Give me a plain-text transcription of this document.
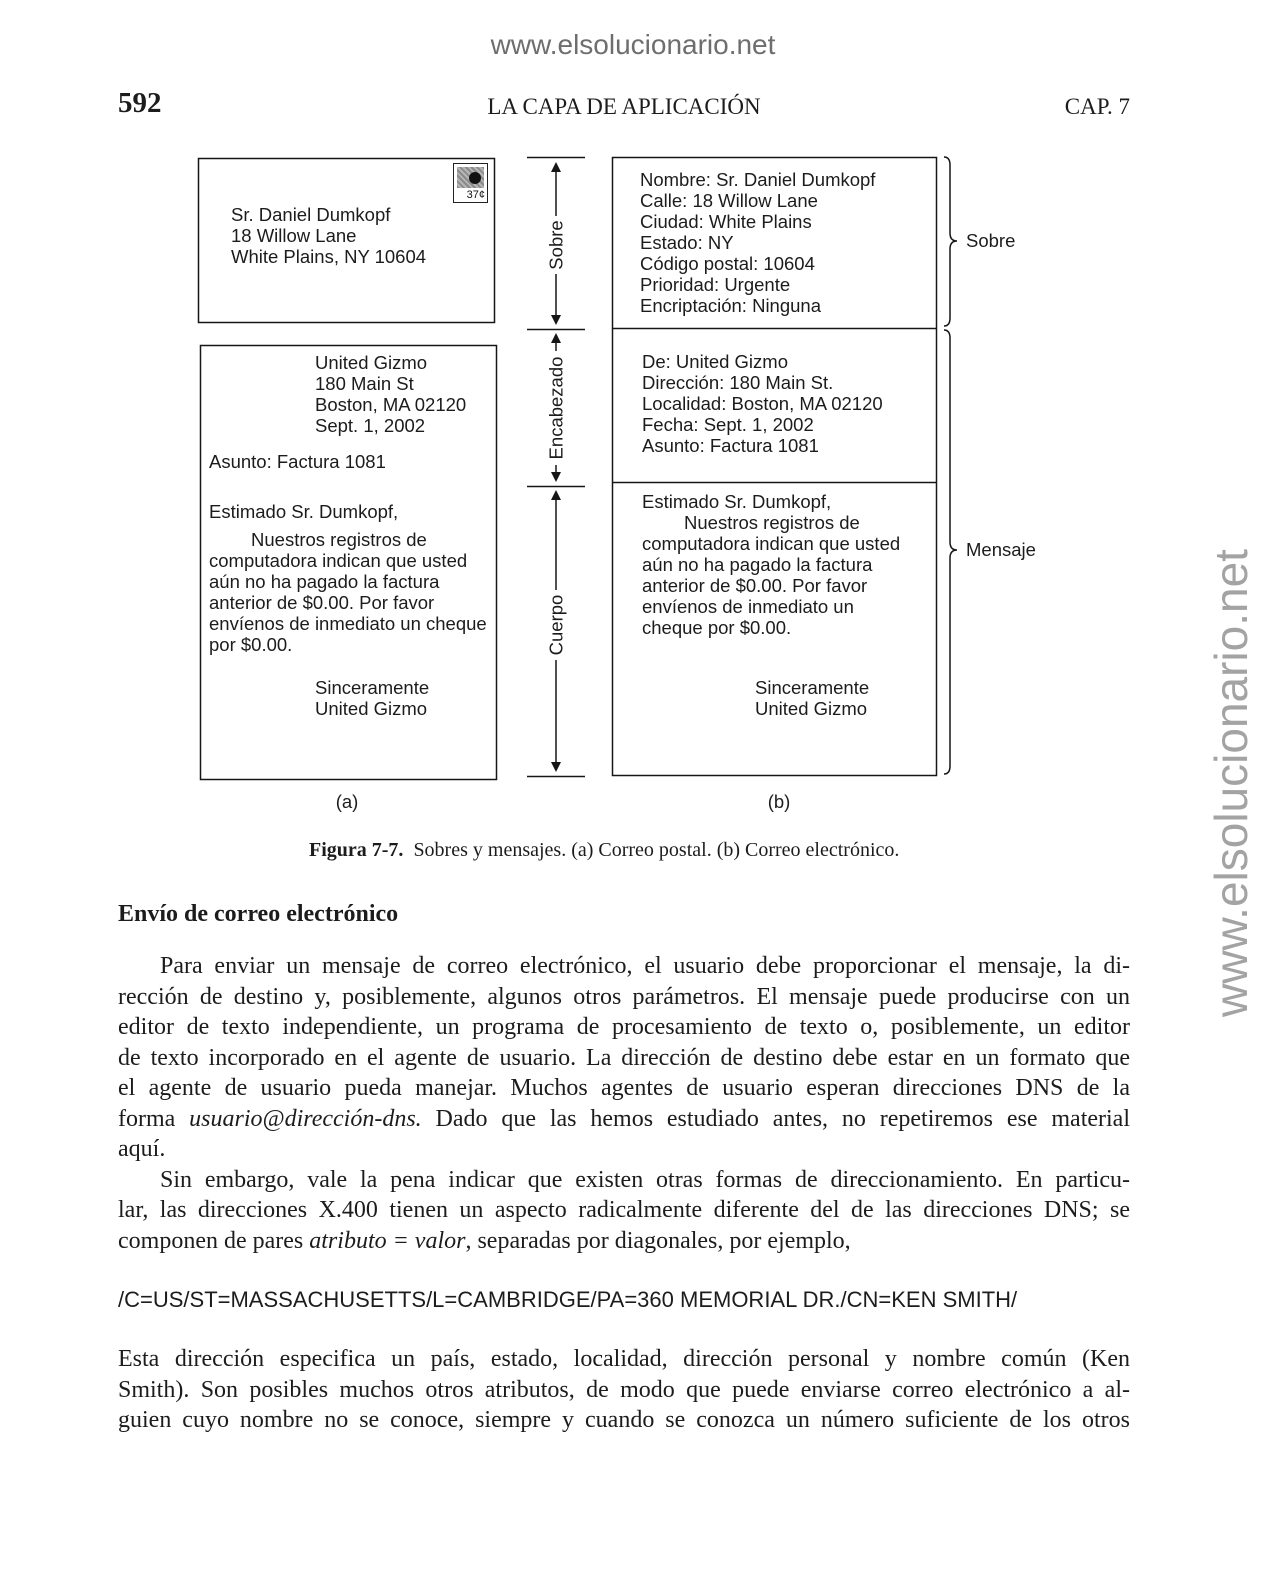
www.elsolucionario.net
www.elsolucionario.net
592	LA CAPA DE APLICACIÓN	CAP. 7
Sobre
Encabezado
Cuerpo
37¢
Sr. Daniel Dumkopf
18 Willow Lane
White Plains, NY 10604
United Gizmo
180 Main St
Boston, MA 02120
Sept. 1, 2002
Asunto: Factura 1081
Estimado Sr. Dumkopf,
Nuestros registros de
computadora indican que usted
aún no ha pagado la factura
anterior de $0.00. Por favor
envíenos de inmediato un cheque
por $0.00.
Sinceramente
United Gizmo
Nombre: Sr. Daniel Dumkopf
Calle: 18 Willow Lane
Ciudad: White Plains
Estado: NY
Código postal: 10604
Prioridad: Urgente
Encriptación: Ninguna
De: United Gizmo
Dirección: 180 Main St.
Localidad: Boston, MA 02120
Fecha: Sept. 1, 2002
Asunto: Factura 1081
Estimado Sr. Dumkopf,
Nuestros registros de
computadora indican que usted
aún no ha pagado la factura
anterior de $0.00. Por favor
envíenos de inmediato un
cheque por $0.00.
Sinceramente
United Gizmo
Sobre
Mensaje
(a)	(b)
Figura 7-7. Sobres y mensajes. (a) Correo postal. (b) Correo electrónico.
Envío de correo electrónico
Para enviar un mensaje de correo electrónico, el usuario debe proporcionar el mensaje, la di-
rección de destino y, posiblemente, algunos otros parámetros. El mensaje puede producirse con un
editor de texto independiente, un programa de procesamiento de texto o, posiblemente, un editor
de texto incorporado en el agente de usuario. La dirección de destino debe estar en un formato que
el agente de usuario pueda manejar. Muchos agentes de usuario esperan direcciones DNS de la
forma usuario@dirección-dns. Dado que las hemos estudiado antes, no repetiremos ese material
aquí.
Sin embargo, vale la pena indicar que existen otras formas de direccionamiento. En particu-
lar, las direcciones X.400 tienen un aspecto radicalmente diferente del de las direcciones DNS; se
componen de pares atributo = valor, separadas por diagonales, por ejemplo,
/C=US/ST=MASSACHUSETTS/L=CAMBRIDGE/PA=360 MEMORIAL DR./CN=KEN SMITH/
Esta dirección especifica un país, estado, localidad, dirección personal y nombre común (Ken
Smith). Son posibles muchos otros atributos, de modo que puede enviarse correo electrónico a al-
guien cuyo nombre no se conoce, siempre y cuando se conozca un número suficiente de los otros
